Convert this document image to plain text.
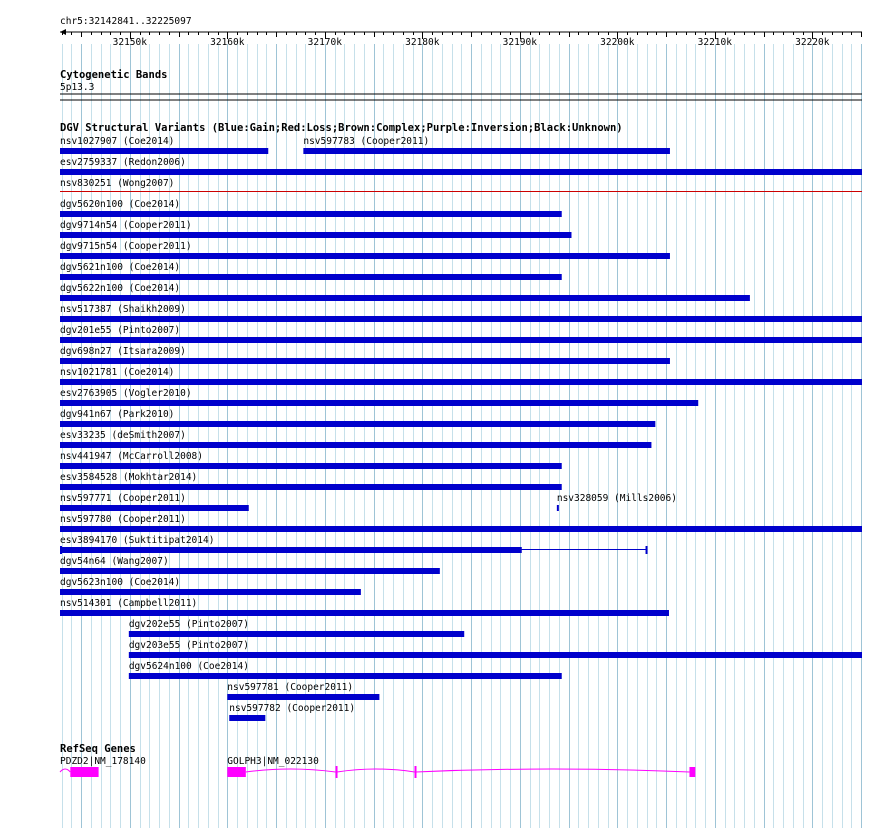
chr5:32142841..32225097
32150k	32160k	32170k	32180k	32190k	32200k	32210k	32220k
Cytogenetic Bands
5p13.3
DGV Structural Variants (Blue:Gain;Red:Loss;Brown:Complex;Purple:Inversion;Black:Unknown)
nsv1027907 (Coe2014)	nsv597783 (Cooper2011)
esv2759337 (Redon2006)
nsv830251 (Wong2007)
dgv5620n100 (Coe2014)
dgv9714n54 (Cooper2011)
dgv9715n54 (Cooper2011)
dgv5621n100 (Coe2014)
dgv5622n100 (Coe2014)
nsv517387 (Shaikh2009)
dgv201e55 (Pinto2007)
dgv698n27 (Itsara2009)
nsv1021781 (Coe2014)
esv2763905 (Vogler2010)
dgv941n67 (Park2010)
esv33235 (deSmith2007)
nsv441947 (McCarroll2008)
esv3584528 (Mokhtar2014)
nsv597771 (Cooper2011)	nsv328059 (Mills2006)
nsv597780 (Cooper2011)
esv3894170 (Suktitipat2014)
dgv54n64 (Wang2007)
dgv5623n100 (Coe2014)
nsv514301 (Campbell2011)
dgv202e55 (Pinto2007)
dgv203e55 (Pinto2007)
dgv5624n100 (Coe2014)
nsv597781 (Cooper2011)
nsv597782 (Cooper2011)
RefSeq Genes
PDZD2|NM_178140	GOLPH3|NM_022130
